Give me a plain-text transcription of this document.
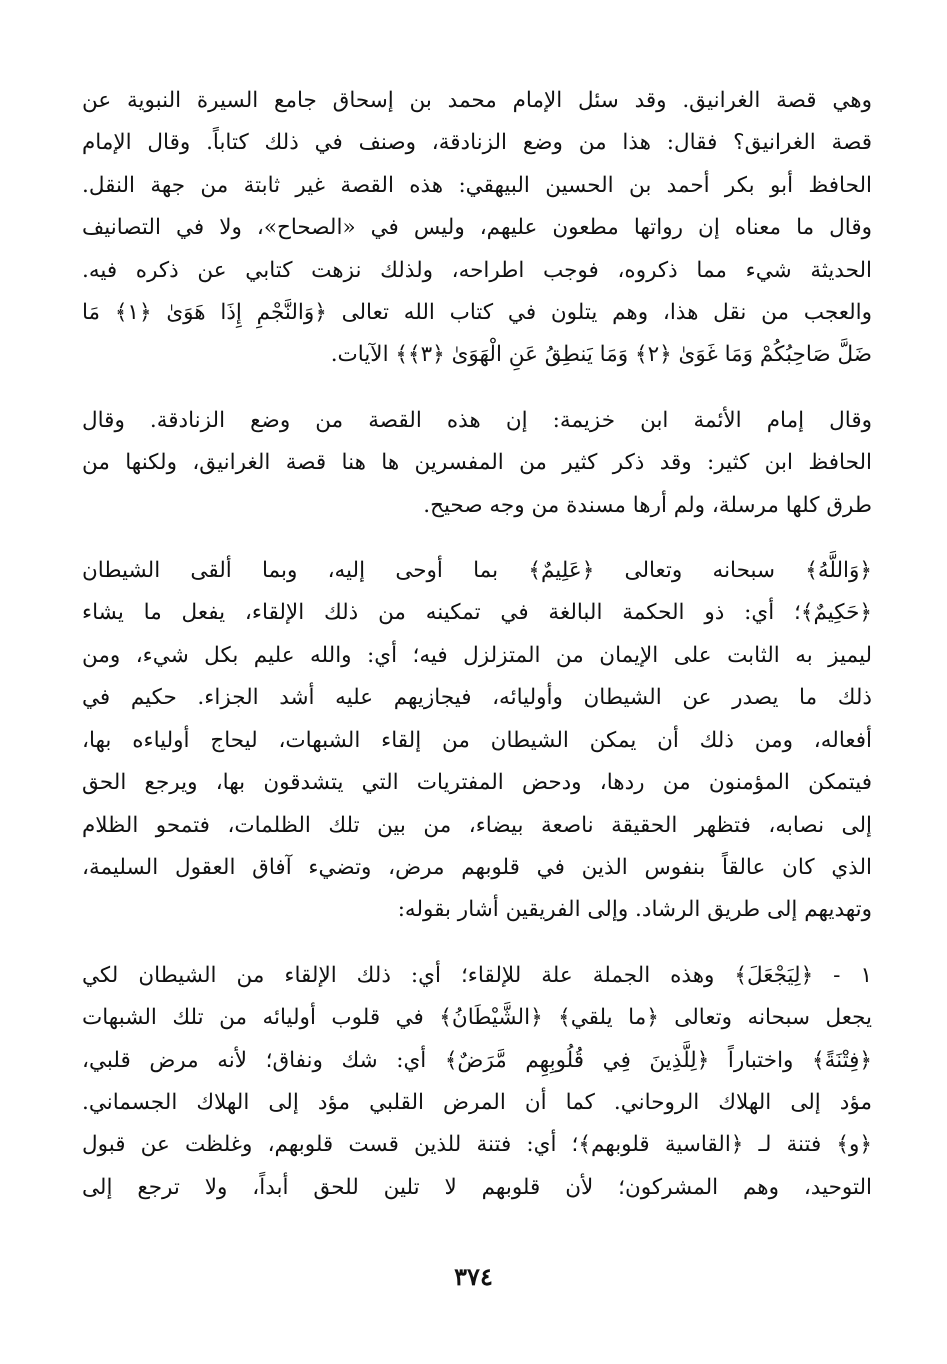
وهي قصة الغرانيق. وقد سئل الإمام محمد بن إسحاق جامع السيرة النبوية عن
قصة الغرانيق؟ فقال: هذا من وضع الزنادقة، وصنف في ذلك كتاباً. وقال الإمام
الحافظ أبو بكر أحمد بن الحسين البيهقي: هذه القصة غير ثابتة من جهة النقل.
وقال ما معناه إن رواتها مطعون عليهم، وليس في «الصحاح»، ولا في التصانيف
الحديثة شيء مما ذكروه، فوجب اطراحه، ولذلك نزهت كتابي عن ذكره فيه.
والعجب من نقل هذا، وهم يتلون في كتاب الله تعالى ﴿وَالنَّجْمِ إِذَا هَوَىٰ ﴿١﴾ مَا
ضَلَّ صَاحِبُكُمْ وَمَا غَوَىٰ ﴿٢﴾ وَمَا يَنطِقُ عَنِ الْهَوَىٰ ﴿٣﴾﴾ الآيات.

وقال إمام الأئمة ابن خزيمة: إن هذه القصة من وضع الزنادقة. وقال
الحافظ ابن كثير: وقد ذكر كثير من المفسرين ها هنا قصة الغرانيق، ولكنها من
طرق كلها مرسلة، ولم أرها مسندة من وجه صحيح.

﴿وَاللَّهُ﴾ سبحانه وتعالى ﴿عَلِيمٌ﴾ بما أوحى إليه، وبما ألقى الشيطان
﴿حَكِيمٌ﴾؛ أي: ذو الحكمة البالغة في تمكينه من ذلك الإلقاء، يفعل ما يشاء
ليميز به الثابت على الإيمان من المتزلزل فيه؛ أي: والله عليم بكل شيء، ومن
ذلك ما يصدر عن الشيطان وأوليائه، فيجازيهم عليه أشد الجزاء. حكيم في
أفعاله، ومن ذلك أن يمكن الشيطان من إلقاء الشبهات، ليحاج أولياءه بها،
فيتمكن المؤمنون من ردها، ودحض المفتريات التي يتشدقون بها، ويرجع الحق
إلى نصابه، فتظهر الحقيقة ناصعة بيضاء، من بين تلك الظلمات، فتمحو الظلام
الذي كان عالقاً بنفوس الذين في قلوبهم مرض، وتضيء آفاق العقول السليمة،
وتهديهم إلى طريق الرشاد. وإلى الفريقين أشار بقوله:

١ - ﴿لِيَجْعَلَ﴾ وهذه الجملة علة للإلقاء؛ أي: ذلك الإلقاء من الشيطان لكي
يجعل سبحانه وتعالى ﴿ما يلقي﴾ ﴿الشَّيْطَانُ﴾ في قلوب أوليائه من تلك الشبهات
﴿فِتْنَةً﴾ واختباراً ﴿لِلَّذِينَ فِي قُلُوبِهِم مَّرَضٌ﴾ أي: شك ونفاق؛ لأنه مرض قلبي،
مؤد إلى الهلاك الروحاني. كما أن المرض القلبي مؤد إلى الهلاك الجسماني.
﴿و﴾ فتنة لـ ﴿القاسية قلوبهم﴾؛ أي: فتنة للذين قست قلوبهم، وغلظت عن قبول
التوحيد، وهم المشركون؛ لأن قلوبهم لا تلين للحق أبداً، ولا ترجع إلى

٣٧٤
